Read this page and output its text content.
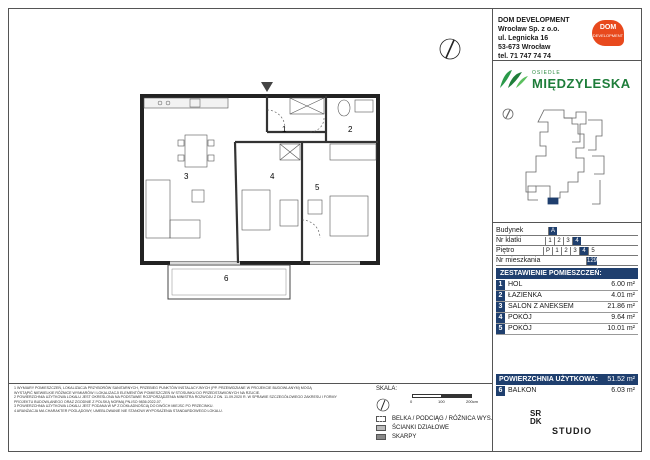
DOM DEVELOPMENT
Wrocław Sp. z o.o.
ul. Legnicka 16
53-673 Wrocław
tel. 71 747 74 74
DOM
DEVELOPMENT
OSIEDLE
MIĘDZYLESKA
Budynek	A
Nr klatki	1 2 3 4
Piętro	P 1 2 3 4 5
Nr mieszkania	129
ZESTAWIENIE POMIESZCZEŃ:
1 HOL	6.00 m²
2 ŁAZIENKA	4.01 m²
3 SALON Z ANEKSEM	21.86 m²
4 POKÓJ	9.64 m²
5 POKÓJ	10.01 m²
POWIERZCHNIA UŻYTKOWA: 51.52 m²
6 BALKON	6.03 m²
1	2
3	4
5
6
1 WYMIARY POMIESZCZEŃ, LOKALIZACJA PRZYBORÓW SANITARNYCH, PRZEBIEG PUNKTÓW INSTALACYJNYCH (PP. PRZEWIDZIANE W PROJEKCIE BUDOWLANYM) MOGĄ
WYSTĄPIĆ NIEWIELKIE RÓŻNICE WYMIARÓW I LOKALIZACJI ELEMENTÓW POMIESZCZEŃ W STOSUNKU DO PRZEDSTAWIONYCH NA RZUCIE.
2 POWIERZCHNIA UŻYTKOWA LOKALU JEST OKREŚLONA NA PODSTAWIE ROZPORZĄDZENIA MINISTRA ROZWOJU Z DN. 11.09.2020 R. W SPRAWIE SZCZEGÓŁOWEGO ZAKRESU I FORMY
PROJEKTU BUDOWLANEGO ORAZ ZGODNIE Z POLSKĄ NORMĄ PN-ISO 9836:2022-07.
3 POWIERZCHNIA UŻYTKOWA LOKALU JEST PODANA W M² Z DOKŁADNOŚCIĄ DO DWÓCH MIEJSC PO PRZECINKU.
4 ARANŻACJA MA CHARAKTER POGLĄDOWY, UMEBLOWANIE NIE STANOWI WYPOSAŻENIA STANDARDOWEGO LOKALU.
SKALA:
0	100	200cm
BELKA / PODCIĄG / RÓŻNICA WYS.
ŚCIANKI DZIAŁOWE
SKARPY
SR DK
STUDIO
